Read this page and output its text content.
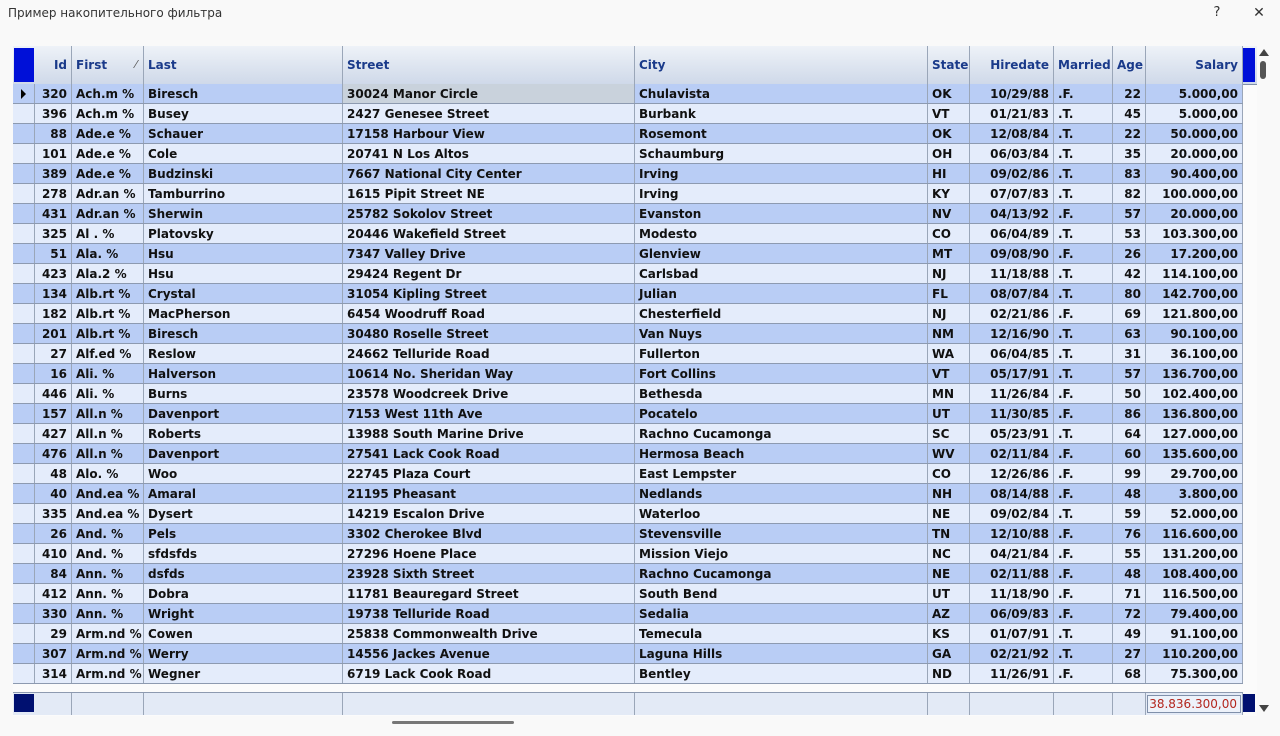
Пример накопительного фильтра	?	✕
Id First	⁄ Last	Street	City	State	Hiredate Married Age	Salary
320 Ach.m %	Biresch	30024 Manor Circle	Chulavista	OK	10/29/88 .F.	22	5.000,00
396 Ach.m %	Busey	2427 Genesee Street	Burbank	VT	01/21/83 .T.	45	5.000,00
88 Ade.e %	Schauer	17158 Harbour View	Rosemont	OK	12/08/84 .T.	22	50.000,00
101 Ade.e %	Cole	20741 N Los Altos	Schaumburg	OH	06/03/84 .T.	35	20.000,00
389 Ade.e %	Budzinski	7667 National City Center	Irving	HI	09/02/86 .T.	83	90.400,00
278 Adr.an %	Tamburrino	1615 Pipit Street NE	Irving	KY	07/07/83 .T.	82	100.000,00
431 Adr.an %	Sherwin	25782 Sokolov Street	Evanston	NV	04/13/92 .F.	57	20.000,00
325 Al . %	Platovsky	20446 Wakefield Street	Modesto	CO	06/04/89 .T.	53	103.300,00
51 Ala. %	Hsu	7347 Valley Drive	Glenview	MT	09/08/90 .F.	26	17.200,00
423 Ala.2 %	Hsu	29424 Regent Dr	Carlsbad	NJ	11/18/88 .T.	42	114.100,00
134 Alb.rt %	Crystal	31054 Kipling Street	Julian	FL	08/07/84 .T.	80	142.700,00
182 Alb.rt %	MacPherson	6454 Woodruff Road	Chesterfield	NJ	02/21/86 .F.	69	121.800,00
201 Alb.rt %	Biresch	30480 Roselle Street	Van Nuys	NM	12/16/90 .T.	63	90.100,00
27 Alf.ed %	Reslow	24662 Telluride Road	Fullerton	WA	06/04/85 .T.	31	36.100,00
16 Ali. %	Halverson	10614 No. Sheridan Way	Fort Collins	VT	05/17/91 .T.	57	136.700,00
446 Ali. %	Burns	23578 Woodcreek Drive	Bethesda	MN	11/26/84 .F.	50	102.400,00
157 All.n %	Davenport	7153 West 11th Ave	Pocatelo	UT	11/30/85 .F.	86	136.800,00
427 All.n %	Roberts	13988 South Marine Drive	Rachno Cucamonga	SC	05/23/91 .T.	64	127.000,00
476 All.n %	Davenport	27541 Lack Cook Road	Hermosa Beach	WV	02/11/84 .F.	60	135.600,00
48 Alo. %	Woo	22745 Plaza Court	East Lempster	CO	12/26/86 .F.	99	29.700,00
40 And.ea % Amaral	21195 Pheasant	Nedlands	NH	08/14/88 .F.	48	3.800,00
335 And.ea % Dysert	14219 Escalon Drive	Waterloo	NE	09/02/84 .T.	59	52.000,00
26 And. %	Pels	3302 Cherokee Blvd	Stevensville	TN	12/10/88 .F.	76	116.600,00
410 And. %	sfdsfds	27296 Hoene Place	Mission Viejo	NC	04/21/84 .F.	55	131.200,00
84 Ann. %	dsfds	23928 Sixth Street	Rachno Cucamonga	NE	02/11/88 .F.	48	108.400,00
412 Ann. %	Dobra	11781 Beauregard Street	South Bend	UT	11/18/90 .F.	71	116.500,00
330 Ann. %	Wright	19738 Telluride Road	Sedalia	AZ	06/09/83 .F.	72	79.400,00
29 Arm.nd % Cowen	25838 Commonwealth Drive	Temecula	KS	01/07/91 .T.	49	91.100,00
307 Arm.nd % Werry	14556 Jackes Avenue	Laguna Hills	GA	02/21/92 .T.	27	110.200,00
314 Arm.nd % Wegner	6719 Lack Cook Road	Bentley	ND	11/26/91 .F.	68	75.300,00
38.836.300,00
